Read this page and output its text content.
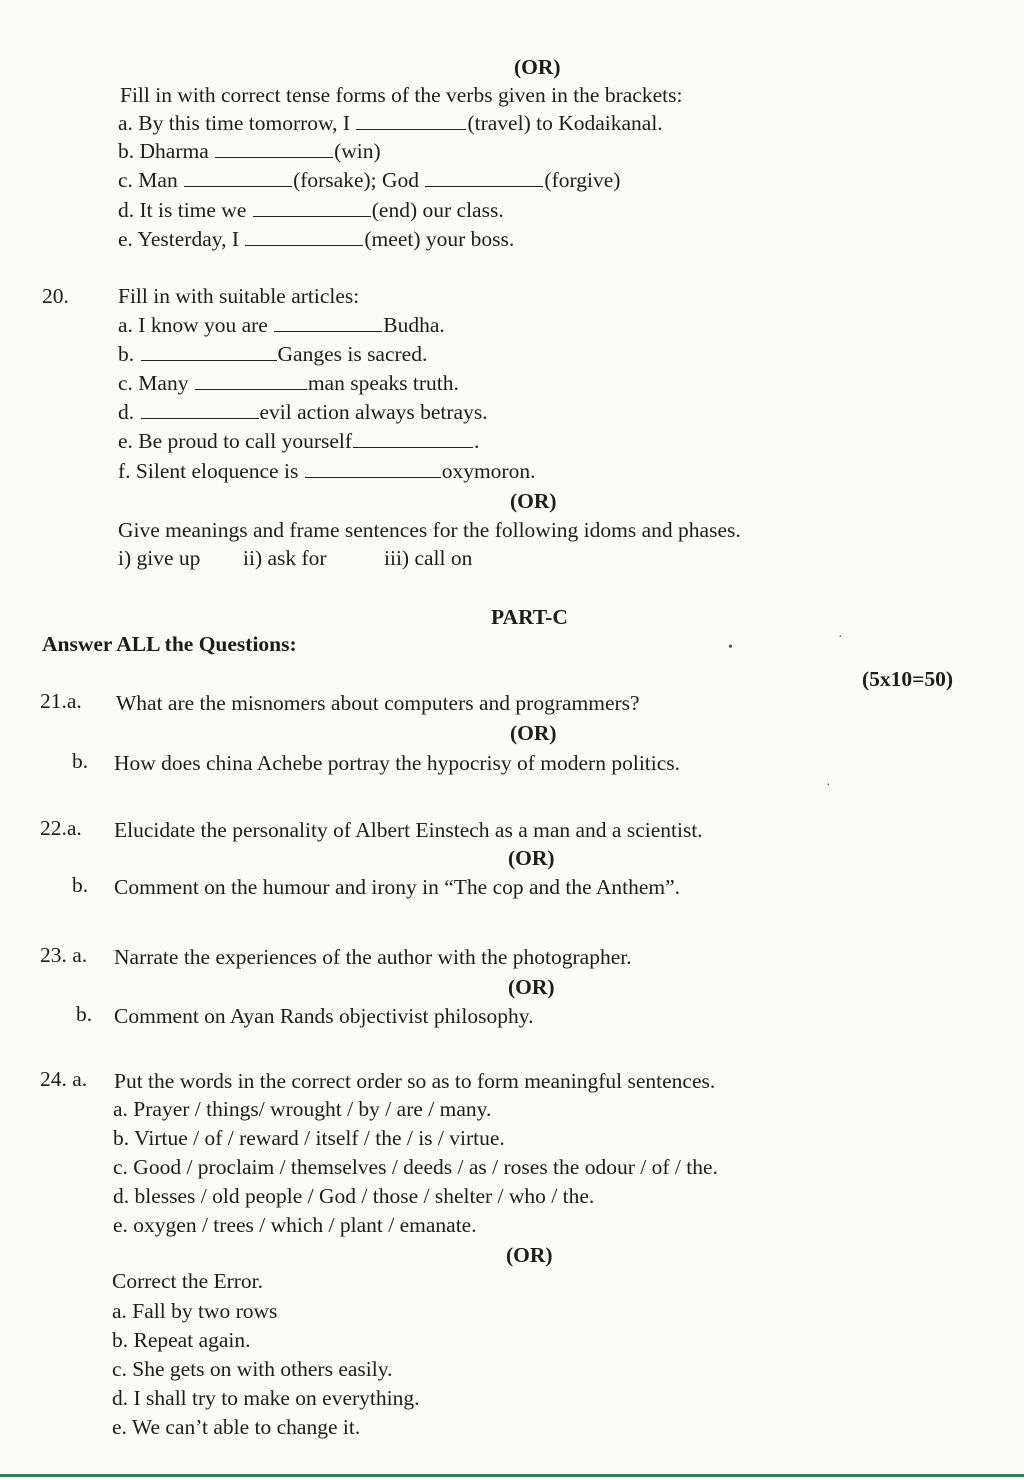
(OR)
Fill in with correct tense forms of the verbs given in the brackets:
a. By this time tomorrow, I	(travel) to Kodaikanal.
b. Dharma	(win)
c. Man	(forsake); God	(forgive)
d. It is time we	(end) our class.
e. Yesterday, I	(meet) your boss.
20. Fill in with suitable articles:
a. I know you are	Budha.
b.	Ganges is sacred.
c. Many	man speaks truth.
d.	evil action always betrays.
e. Be proud to call yourself	.
f. Silent eloquence is	oxymoron.
(OR)
Give meanings and frame sentences for the following idoms and phases.
i) give up ii) ask for	iii) call on
PART-C
Answer ALL the Questions:
(5x10=50)
21.a. What are the misnomers about computers and programmers?
(OR)
b. How does china Achebe portray the hypocrisy of modern politics.
22.a. Elucidate the personality of Albert Einstech as a man and a scientist.
(OR)
b. Comment on the humour and irony in “The cop and the Anthem”.
23. a. Narrate the experiences of the author with the photographer.
(OR)
b. Comment on Ayan Rands objectivist philosophy.
24. a. Put the words in the correct order so as to form meaningful sentences.
a. Prayer / things/ wrought / by / are / many.
b. Virtue / of / reward / itself / the / is / virtue.
c. Good / proclaim / themselves / deeds / as / roses the odour / of / the.
d. blesses / old people / God / those / shelter / who / the.
e. oxygen / trees / which / plant / emanate.
(OR)
Correct the Error.
a. Fall by two rows
b. Repeat again.
c. She gets on with others easily.
d. I shall try to make on everything.
e. We can’t able to change it.
•
·
·
